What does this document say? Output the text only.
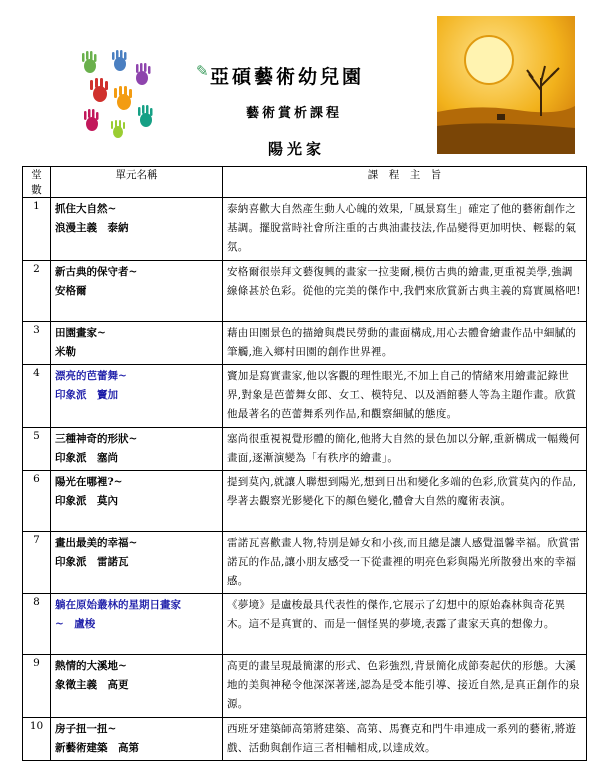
✎ 亞碩藝術幼兒園
藝術賞析課程
陽光家
堂數	單元名稱	課　程　主　旨
1	抓住大自然~
浪漫主義　泰納	泰納喜歡大自然產生動人心魄的效果,「風景寫生」確定了他的藝術創作之基調。擺脫當時社會所注重的古典油畫技法,作品變得更加明快、輕鬆的氣氛。
2	新古典的保守者~
安格爾	安格爾很崇拜文藝復興的畫家一拉斐爾,模仿古典的繪畫,更重視美學,強調線條甚於色彩。從他的完美的傑作中,我們來欣賞新古典主義的寫實風格吧!
3	田園畫家~
米勒	藉由田園景色的描繪與農民勞動的畫面構成,用心去體會繪畫作品中細膩的筆觸,進入鄉村田園的創作世界裡。
4	漂亮的芭蕾舞~
印象派　竇加	竇加是寫實畫家,他以客觀的理性眼光,不加上自己的情緒來用繪畫記錄世界,對象是芭蕾舞女郎、女工、模特兒、以及酒館藝人等為主題作畫。欣賞他最著名的芭蕾舞系列作品,和觀察細膩的態度。
5	三種神奇的形狀~
印象派　塞尚	塞尚很重視視覺形體的簡化,他將大自然的景色加以分解,重新構成一幅幾何畫面,逐漸演變為「有秩序的繪畫」。
6	陽光在哪裡?~
印象派　莫內	提到莫內,就讓人聯想到陽光,想到日出和變化多端的色彩,欣賞莫內的作品,學著去觀察光影變化下的顏色變化,體會大自然的魔術表演。
7	畫出最美的幸福~
印象派　雷諾瓦	雷諾瓦喜歡畫人物,特別是婦女和小孩,而且總是讓人感覺溫馨幸福。欣賞雷諾瓦的作品,讓小朋友感受一下從畫裡的明亮色彩與陽光所散發出來的幸福感。
8	躺在原始叢林的星期日畫家
~　盧梭	《夢境》是盧梭最具代表性的傑作,它展示了幻想中的原始森林與奇花異木。這不是真實的、而是一個怪異的夢境,表露了畫家天真的想像力。
9	熱情的大溪地~
象徵主義　高更	高更的畫呈現最簡潔的形式、色彩強烈,背景簡化成節奏起伏的形態。大溪地的美與神秘令他深深著迷,認為是受本能引導、接近自然,是真正創作的泉源。
10	房子扭一扭~
新藝術建築　高第	西班牙建築師高第將建築、高第、馬賽克和門牛串連成一系列的藝術,將遊戲、活動與創作這三者相輔相成,以達成效。
